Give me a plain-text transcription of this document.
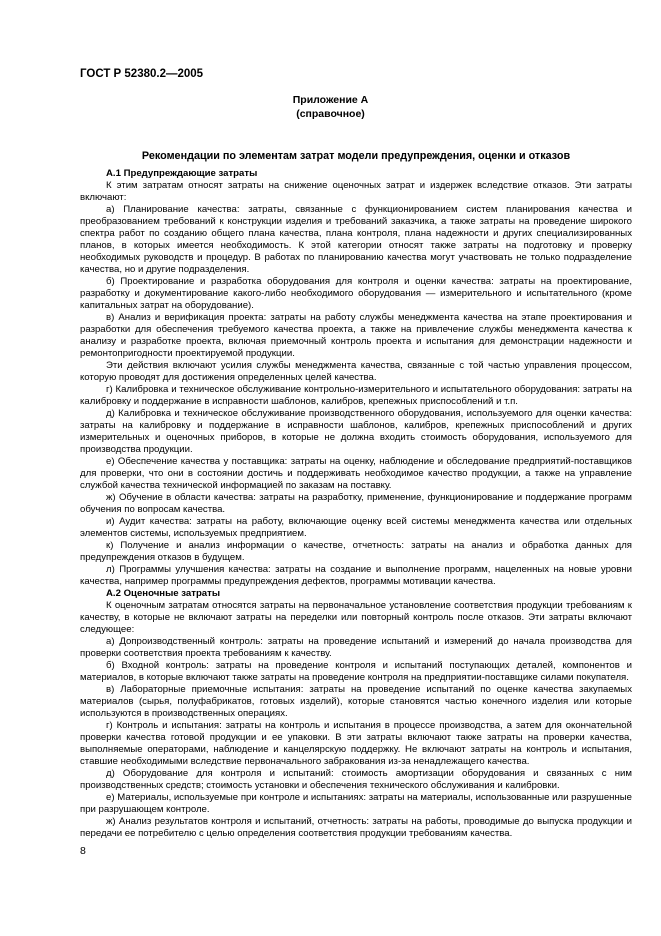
ГОСТ Р 52380.2—2005
Приложение А
(справочное)
Рекомендации по элементам затрат модели предупреждения, оценки и отказов
А.1 Предупреждающие затраты

К этим затратам относят затраты на снижение оценочных затрат и издержек вследствие отказов. Эти затраты включают:

а) Планирование качества: затраты, связанные с функционированием систем планирования качества и преобразованием требований к конструкции изделия и требований заказчика, а также затраты на проведение широкого спектра работ по созданию общего плана качества, плана контроля, плана надежности и других специализированных планов, в которых имеется необходимость. К этой категории относят также затраты на подготовку и проверку необходимых руководств и процедур. В работах по планированию качества могут участвовать не только подразделение качества, но и другие подразделения.

б) Проектирование и разработка оборудования для контроля и оценки качества: затраты на проектирование, разработку и документирование какого-либо необходимого оборудования — измерительного и испытательного (кроме капитальных затрат на оборудование).

в) Анализ и верификация проекта: затраты на работу службы менеджмента качества на этапе проектирования и разработки для обеспечения требуемого качества проекта, а также на привлечение службы менеджмента качества к анализу и разработке проекта, включая приемочный контроль проекта и испытания для демонстрации надежности и ремонтопригодности проектируемой продукции.

Эти действия включают усилия службы менеджмента качества, связанные с той частью управления процессом, которую проводят для достижения определенных целей качества.

г) Калибровка и техническое обслуживание контрольно-измерительного и испытательного оборудования: затраты на калибровку и поддержание в исправности шаблонов, калибров, крепежных приспособлений и т.п.

д) Калибровка и техническое обслуживание производственного оборудования, используемого для оценки качества: затраты на калибровку и поддержание в исправности шаблонов, калибров, крепежных приспособлений и других измерительных и оценочных приборов, в которые не должна входить стоимость оборудования, используемого для производства продукции.

е) Обеспечение качества у поставщика: затраты на оценку, наблюдение и обследование предприятий-поставщиков для проверки, что они в состоянии достичь и поддерживать необходимое качество продукции, а также на управление службой качества технической информацией по заказам на поставку.

ж) Обучение в области качества: затраты на разработку, применение, функционирование и поддержание программ обучения по вопросам качества.

и) Аудит качества: затраты на работу, включающие оценку всей системы менеджмента качества или отдельных элементов системы, используемых предприятием.

к) Получение и анализ информации о качестве, отчетность: затраты на анализ и обработка данных для предупреждения отказов в будущем.

л) Программы улучшения качества: затраты на создание и выполнение программ, нацеленных на новые уровни качества, например программы предупреждения дефектов, программы мотивации качества.

А.2 Оценочные затраты

К оценочным затратам относятся затраты на первоначальное установление соответствия продукции требованиям к качеству, в которые не включают затраты на переделки или повторный контроль после отказов. Эти затраты включают следующее:

а) Допроизводственный контроль: затраты на проведение испытаний и измерений до начала производства для проверки соответствия проекта требованиям к качеству.

б) Входной контроль: затраты на проведение контроля и испытаний поступающих деталей, компонентов и материалов, в которые включают также затраты на проведение контроля на предприятии-поставщике силами покупателя.

в) Лабораторные приемочные испытания: затраты на проведение испытаний по оценке качества закупаемых материалов (сырья, полуфабрикатов, готовых изделий), которые становятся частью конечного изделия или которые используются в производственных операциях.

г) Контроль и испытания: затраты на контроль и испытания в процессе производства, а затем для окончательной проверки качества готовой продукции и ее упаковки. В эти затраты включают также затраты на проверки качества, выполняемые операторами, наблюдение и канцелярскую поддержку. Не включают затраты на контроль и испытания, ставшие необходимыми вследствие первоначального забракования из-за ненадлежащего качества.

д) Оборудование для контроля и испытаний: стоимость амортизации оборудования и связанных с ним производственных средств; стоимость установки и обеспечения технического обслуживания и калибровки.

е) Материалы, используемые при контроле и испытаниях: затраты на материалы, использованные или разрушенные при разрушающем контроле.

ж) Анализ результатов контроля и испытаний, отчетность: затраты на работы, проводимые до выпуска продукции и передачи ее потребителю с целью определения соответствия продукции требованиям качества.

8
